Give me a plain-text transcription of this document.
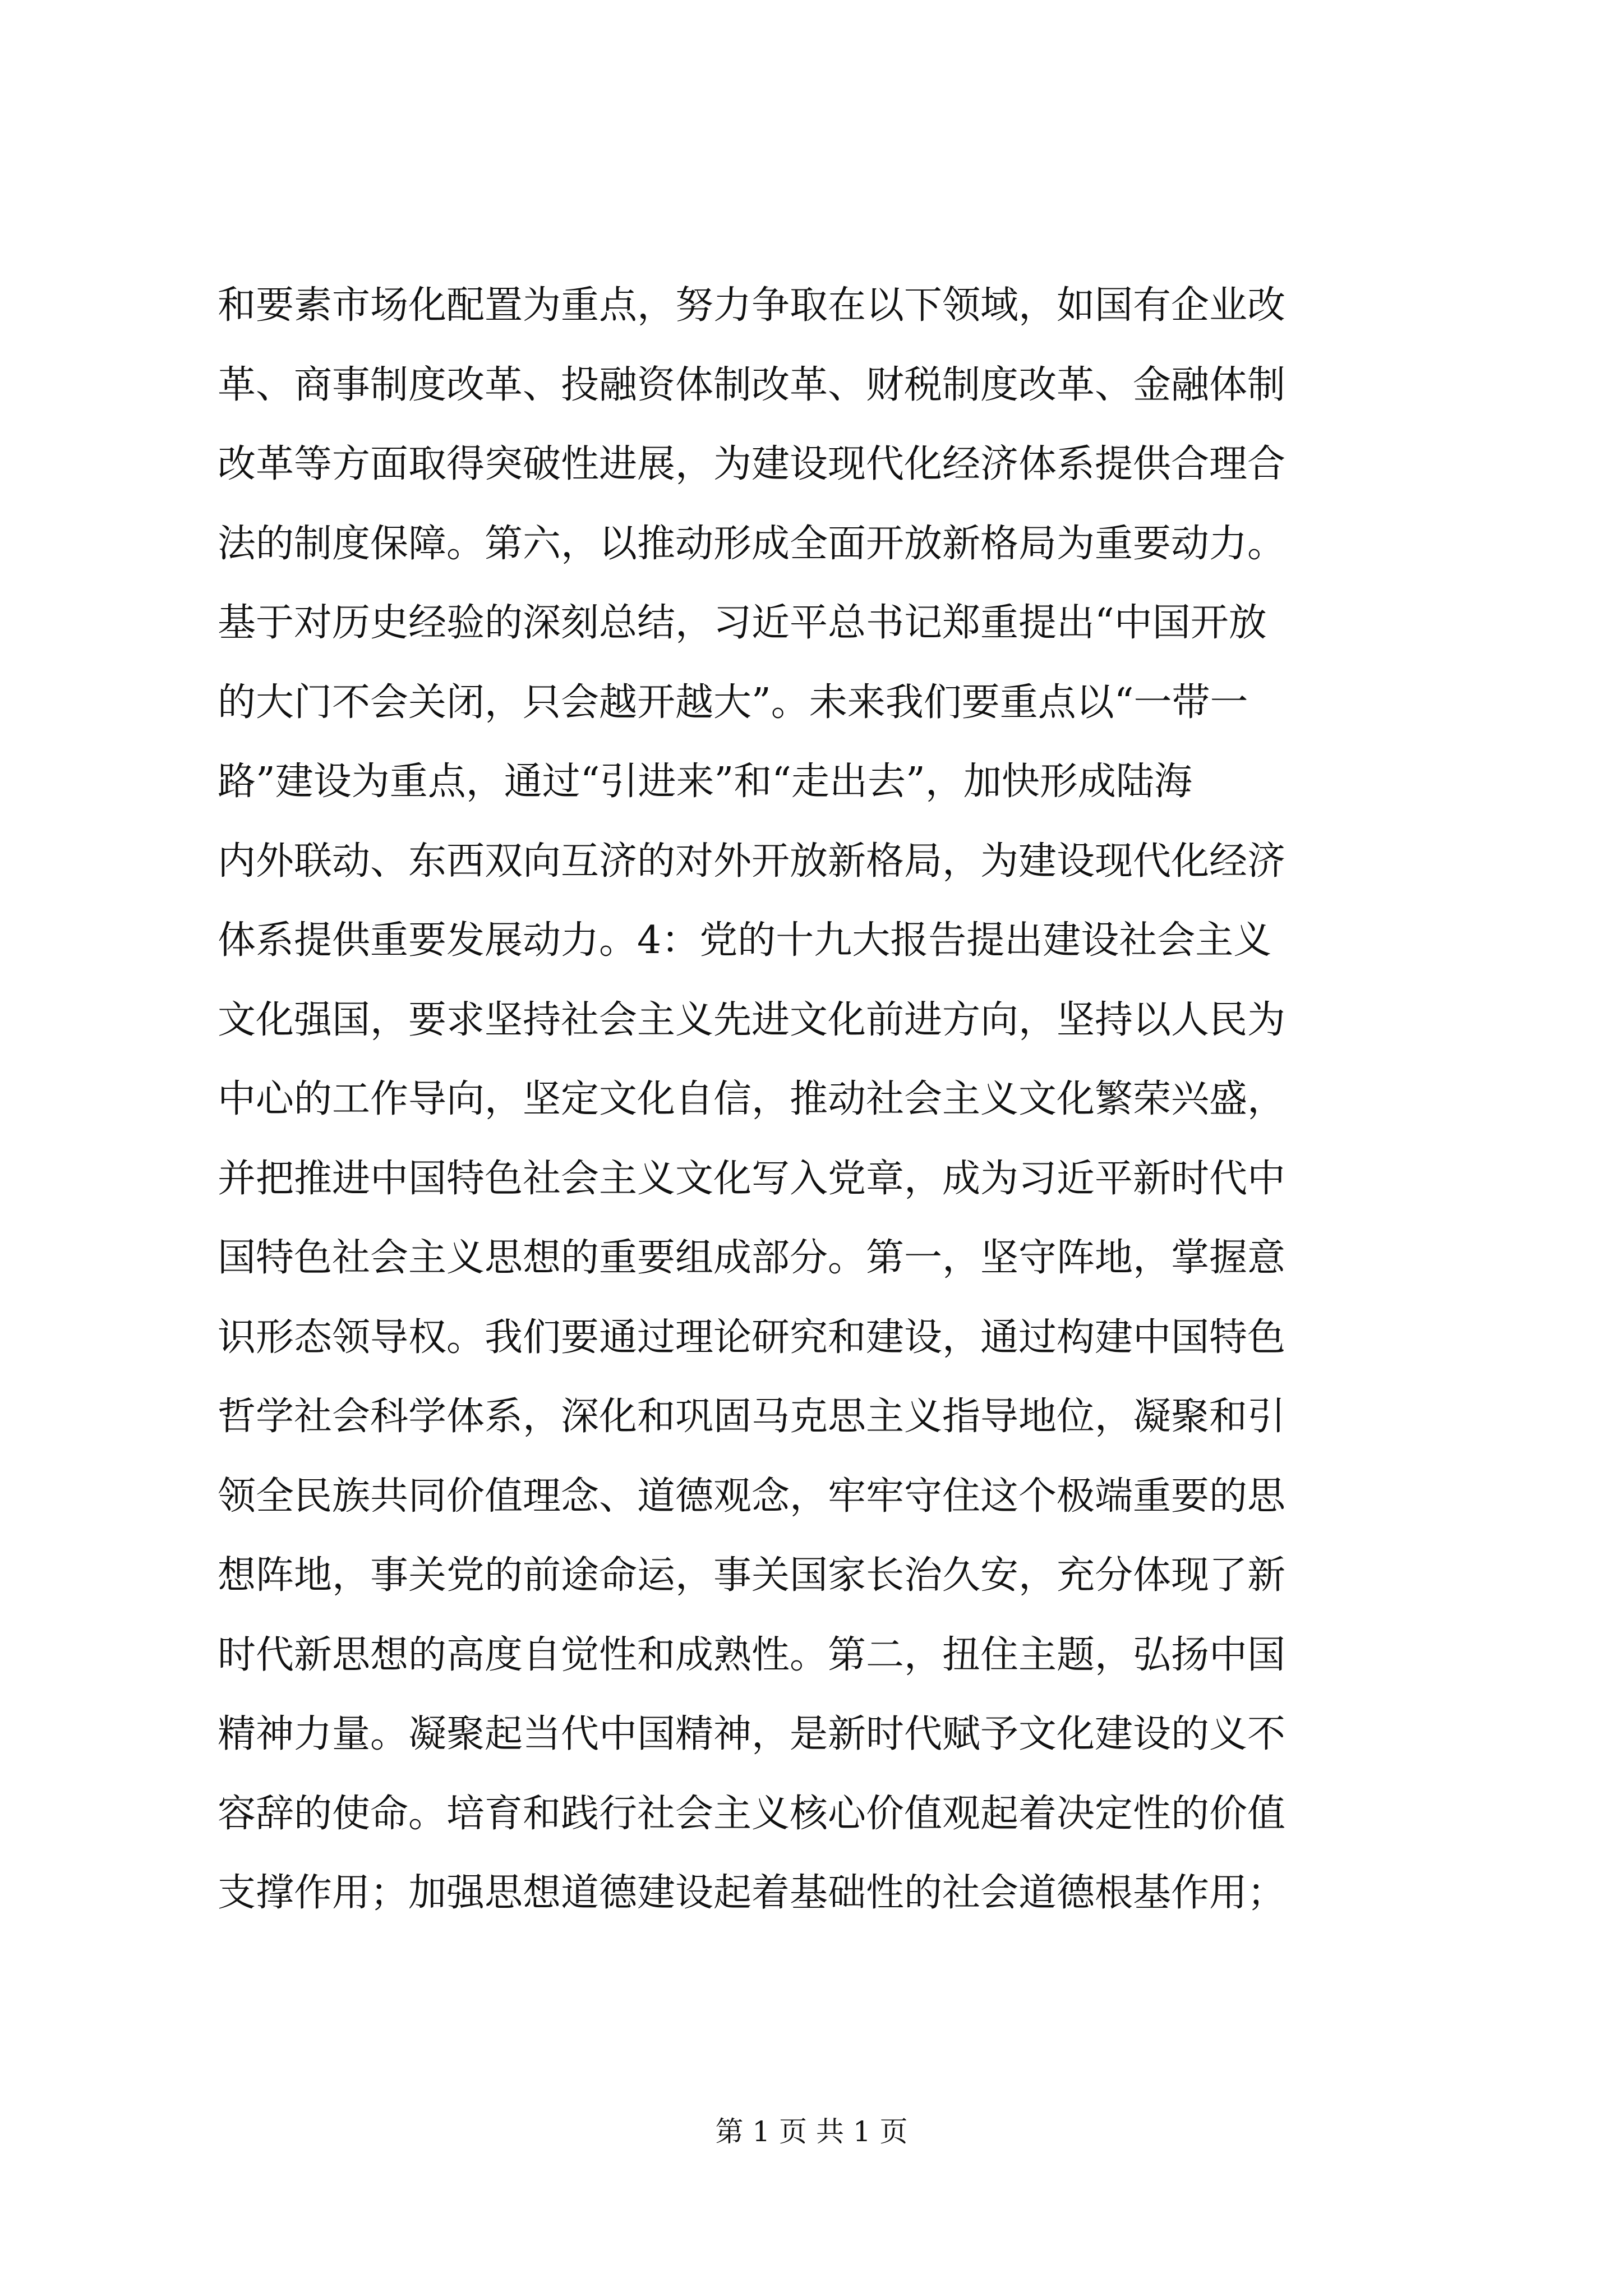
和要素市场化配置为重点，努力争取在以下领域，如国有企业改
革、商事制度改革、投融资体制改革、财税制度改革、金融体制
改革等方面取得突破性进展，为建设现代化经济体系提供合理合
法的制度保障。第六，以推动形成全面开放新格局为重要动力。
基于对历史经验的深刻总结，习近平总书记郑重提出“中国开放
的大门不会关闭，只会越开越大”。未来我们要重点以“一带一
路”建设为重点，通过“引进来”和“走出去”，加快形成陆海
内外联动、东西双向互济的对外开放新格局，为建设现代化经济
体系提供重要发展动力。4：党的十九大报告提出建设社会主义
文化强国，要求坚持社会主义先进文化前进方向，坚持以人民为
中心的工作导向，坚定文化自信，推动社会主义文化繁荣兴盛，
并把推进中国特色社会主义文化写入党章，成为习近平新时代中
国特色社会主义思想的重要组成部分。第一，坚守阵地，掌握意
识形态领导权。我们要通过理论研究和建设，通过构建中国特色
哲学社会科学体系，深化和巩固马克思主义指导地位，凝聚和引
领全民族共同价值理念、道德观念，牢牢守住这个极端重要的思
想阵地，事关党的前途命运，事关国家长治久安，充分体现了新
时代新思想的高度自觉性和成熟性。第二，扭住主题，弘扬中国
精神力量。凝聚起当代中国精神，是新时代赋予文化建设的义不
容辞的使命。培育和践行社会主义核心价值观起着决定性的价值
支撑作用；加强思想道德建设起着基础性的社会道德根基作用；
第 1 页 共 1 页
